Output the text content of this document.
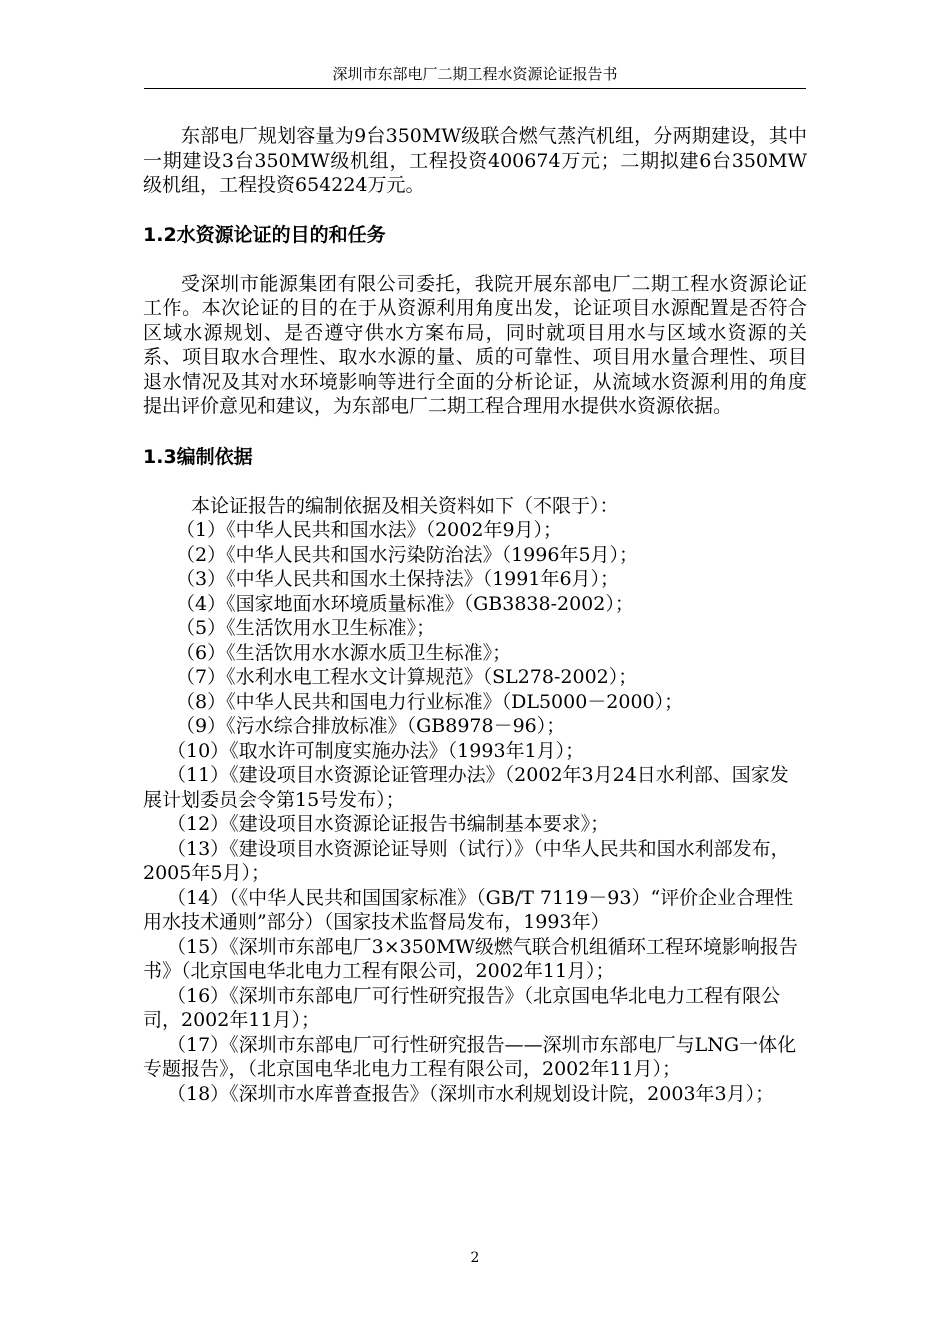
深圳市东部电厂二期工程水资源论证报告书

东部电厂规划容量为9台350MW级联合燃气蒸汽机组，分两期建设，其中一期建设3台350MW级机组，工程投资400674万元；二期拟建6台350MW级机组，工程投资654224万元。

1.2水资源论证的目的和任务

受深圳市能源集团有限公司委托，我院开展东部电厂二期工程水资源论证工作。本次论证的目的在于从资源利用角度出发，论证项目水源配置是否符合区域水源规划、是否遵守供水方案布局，同时就项目用水与区域水资源的关系、项目取水合理性、取水水源的量、质的可靠性、项目用水量合理性、项目退水情况及其对水环境影响等进行全面的分析论证，从流域水资源利用的角度提出评价意见和建议，为东部电厂二期工程合理用水提供水资源依据。

1.3编制依据

本论证报告的编制依据及相关资料如下（不限于）：

（1）《中华人民共和国水法》（2002年9月）；
（2）《中华人民共和国水污染防治法》（1996年5月）；
（3）《中华人民共和国水土保持法》（1991年6月）；
（4）《国家地面水环境质量标准》（GB3838-2002）；
（5）《生活饮用水卫生标准》；
（6）《生活饮用水水源水质卫生标准》；
（7）《水利水电工程水文计算规范》（SL278-2002）；
（8）《中华人民共和国电力行业标准》（DL5000－2000）；
（9）《污水综合排放标准》（GB8978－96）；
（10）《取水许可制度实施办法》（1993年1月）；
（11）《建设项目水资源论证管理办法》（2002年3月24日水利部、国家发展计划委员会令第15号发布）；
（12）《建设项目水资源论证报告书编制基本要求》；
（13）《建设项目水资源论证导则（试行）》（中华人民共和国水利部发布，2005年5月）；
（14）（《中华人民共和国国家标准》（GB/T 7119－93）“评价企业合理性用水技术通则”部分）（国家技术监督局发布，1993年）
（15）《深圳市东部电厂3×350MW级燃气联合机组循环工程环境影响报告书》（北京国电华北电力工程有限公司，2002年11月）；
（16）《深圳市东部电厂可行性研究报告》（北京国电华北电力工程有限公司，2002年11月）；
（17）《深圳市东部电厂可行性研究报告——深圳市东部电厂与LNG一体化专题报告》，（北京国电华北电力工程有限公司，2002年11月）；
（18）《深圳市水库普查报告》（深圳市水利规划设计院，2003年3月）；
2
